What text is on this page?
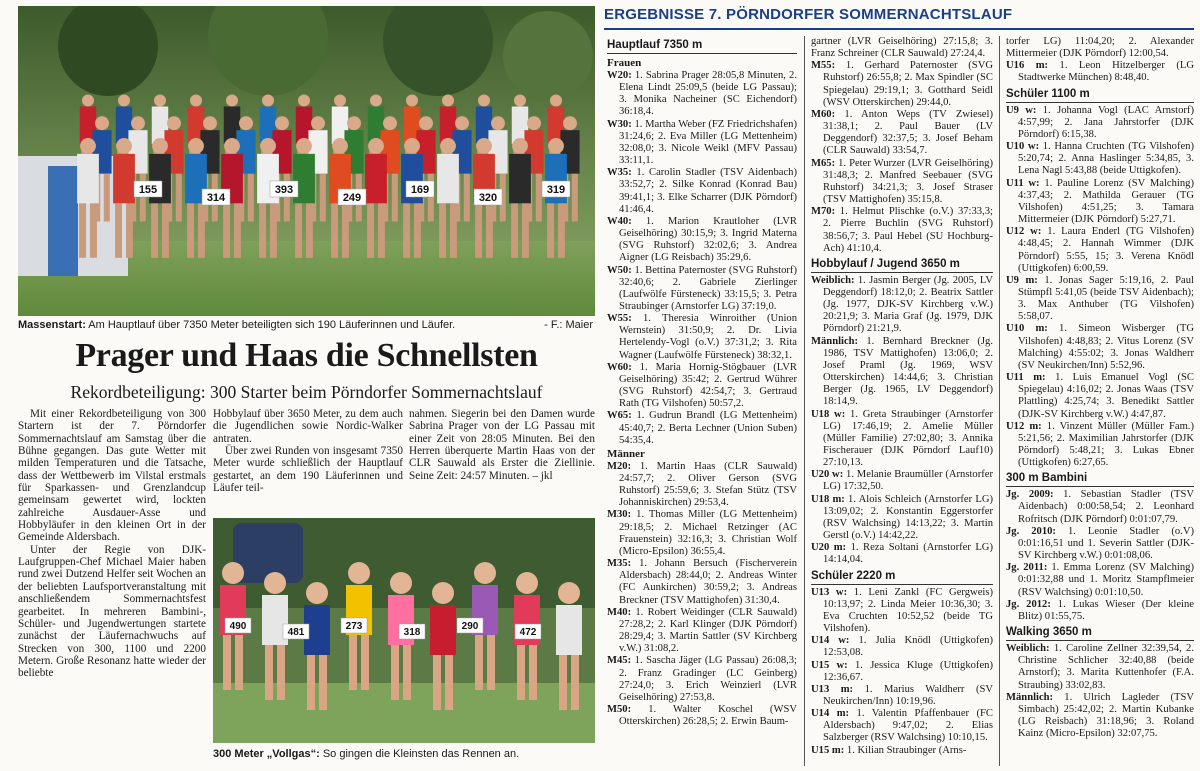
155
314
393
249
169
320
319
Massenstart: Am Hauptlauf über 7350 Meter beteiligten sich 190 Läuferinnen und Läufer.	- F.: Maier
Prager und Haas die Schnellsten
Rekordbeteiligung: 300 Starter beim Pörndorfer Sommernachtslauf

Mit einer Rekordbeteiligung von 300 Startern ist der 7. Pörndorfer Sommernachtslauf am Samstag über die Bühne gegangen. Das gute Wetter mit milden Temperaturen und die Tatsache, dass der Wettbewerb im Vilstal erstmals für Sparkassen- und Grenzlandcup gemeinsam gewertet wird, lockten zahlreiche Ausdauer-Asse und Hobbyläufer in den kleinen Ort in der Gemeinde Aldersbach.

Unter der Regie von DJK-Laufgruppen-Chef Michael Maier haben rund zwei Dutzend Helfer seit Wochen an der beliebten Laufsportveranstaltung mit anschließendem Sommernachtsfest gearbeitet. In mehreren Bambini-, Schüler- und Jugendwertungen startete zunächst der Läufernachwuchs auf Strecken von 300, 1100 und 2200 Metern. Große Resonanz hatte wieder der beliebte

Hobbylauf über 3650 Meter, zu dem auch die Jugendlichen sowie Nordic-Walker antraten.

Über zwei Runden von insgesamt 7350 Meter wurde schließlich der Hauptlauf gestartet, an dem 190 Läuferinnen und Läufer teil-

nahmen. Siegerin bei den Damen wurde Sabrina Prager von der LG Passau mit einer Zeit von 28:05 Minuten. Bei den Herren überquerte Martin Haas von der CLR Sauwald als Erster die Ziellinie. Seine Zeit: 24:57 Minuten. – jkl

490
481
273
318
290
472
300 Meter „Vollgas“: So gingen die Kleinsten das Rennen an.
ERGEBNISSE 7. PÖRNDORFER SOMMERNACHTSLAUF
Hauptlauf 7350 m
Frauen
W20: 1. Sabrina Prager 28:05,8 Minuten, 2. Elena Lindt 25:09,5 (beide LG Passau); 3. Monika Nacheiner (SC Eichendorf) 36:18,4.
W30: 1. Martha Weber (FZ Friedrichshafen) 31:24,6; 2. Eva Miller (LG Mettenheim) 32:08,0; 3. Nicole Weikl (MFV Passau) 33:11,1.
W35: 1. Carolin Stadler (TSV Aidenbach) 33:52,7; 2. Silke Konrad (Konrad Bau) 39:41,1; 3. Elke Scharrer (DJK Pörndorf) 41:46,4.
W40: 1. Marion Krautloher (LVR Geiselhöring) 30:15,9; 3. Ingrid Materna (SVG Ruhstorf) 32:02,6; 3. Andrea Aigner (LG Reisbach) 35:29,6.
W50: 1. Bettina Paternoster (SVG Ruhstorf) 32:40,6; 2. Gabriele Zierlinger (Laufwölfe Fürsteneck) 33:15,5; 3. Petra Straubinger (Arnstorfer LG) 37:19,0.
W55: 1. Theresia Winroither (Union Wernstein) 31:50,9; 2. Dr. Livia Hertelendy-Vogl (o.V.) 37:31,2; 3. Rita Wagner (Laufwölfe Fürsteneck) 38:32,1.
W60: 1. Maria Hornig-Stögbauer (LVR Geiselhöring) 35:42; 2. Gertrud Wührer (SVG Ruhstorf) 42:54,7; 3. Gertraud Rath (TG Vilshofen) 50:57,2.
W65: 1. Gudrun Brandl (LG Mettenheim) 45:40,7; 2. Berta Lechner (Union Suben) 54:35,4.
Männer
M20: 1. Martin Haas (CLR Sauwald) 24:57,7; 2. Oliver Gerson (SVG Ruhstorf) 25:59,6; 3. Stefan Stütz (TSV Johanniskirchen) 29:53,4.
M30: 1. Thomas Miller (LG Mettenheim) 29:18,5; 2. Michael Retzinger (AC Frauenstein) 32:16,3; 3. Christian Wolf (Micro-Epsilon) 36:55,4.
M35: 1. Johann Bersuch (Fischerverein Aldersbach) 28:44,0; 2. Andreas Winter (FC Aunkirchen) 30:59,2; 3. Andreas Breckner (TSV Mattighofen) 31:30,4.
M40: 1. Robert Weidinger (CLR Sauwald) 27:28,2; 2. Karl Klinger (DJK Pörndorf) 28:29,4; 3. Martin Sattler (SV Kirchberg v.W.) 31:08,2.
M45: 1. Sascha Jäger (LG Passau) 26:08,3; 2. Franz Gradinger (LC Geinberg) 27:24,0; 3. Erich Weinzierl (LVR Geiselhöring) 27:53,8.
M50: 1. Walter Koschel (WSV Otterskirchen) 26:28,5; 2. Erwin Baum-
gartner (LVR Geiselhöring) 27:15,8; 3. Franz Schreiner (CLR Sauwald) 27:24,4.
M55: 1. Gerhard Paternoster (SVG Ruhstorf) 26:55,8; 2. Max Spindler (SC Spiegelau) 29:19,1; 3. Gotthard Seidl (WSV Otterskirchen) 29:44,0.
M60: 1. Anton Weps (TV Zwiesel) 31:38,1; 2. Paul Bauer (LV Deggendorf) 32:37,5; 3. Josef Beham (CLR Sauwald) 33:54,7.
M65: 1. Peter Wurzer (LVR Geiselhöring) 31:48,3; 2. Manfred Seebauer (SVG Ruhstorf) 34:21,3; 3. Josef Straser (TSV Mattighofen) 35:15,8.
M70: 1. Helmut Plischke (o.V.) 37:33,3; 2. Pierre Buchlin (SVG Ruhstorf) 38:56,7; 3. Paul Hebel (SU Hochburg-Ach) 41:10,4.
Hobbylauf / Jugend 3650 m
Weiblich: 1. Jasmin Berger (Jg. 2005, LV Deggendorf) 18:12,0; 2. Beatrix Sattler (Jg. 1977, DJK-SV Kirchberg v.W.) 20:21,9; 3. Maria Graf (Jg. 1979, DJK Pörndorf) 21:21,9.
Männlich: 1. Bernhard Breckner (Jg. 1986, TSV Mattighofen) 13:06,0; 2. Josef Praml (Jg. 1969, WSV Otterskirchen) 14:44,6; 3. Christian Berger (Jg. 1965, LV Deggendorf) 18:14,9.
U18 w: 1. Greta Straubinger (Arnstorfer LG) 17:46,19; 2. Amelie Müller (Müller Familie) 27:02,80; 3. Annika Fischerauer (DJK Pörndorf Lauf10) 27:10,13.
U20 w: 1. Melanie Braumüller (Arnstorfer LG) 17:32,50.
U18 m: 1. Alois Schleich (Arnstorfer LG) 13:09,02; 2. Konstantin Eggerstorfer (RSV Walchsing) 14:13,22; 3. Martin Gerstl (o.V.) 14:42,22.
U20 m: 1. Reza Soltani (Arnstorfer LG) 14:14,04.
Schüler 2220 m
U13 w: 1. Leni Zankl (FC Gergweis) 10:13,97; 2. Linda Meier 10:36,30; 3. Eva Cruchten 10:52,52 (beide TG Vilshofen).
U14 w: 1. Julia Knödl (Uttigkofen) 12:53,08.
U15 w: 1. Jessica Kluge (Uttigkofen) 12:36,67.
U13 m: 1. Marius Waldherr (SV Neukirchen/Inn) 10:19,96.
U14 m: 1. Valentin Pfaffenbauer (FC Aldersbach) 9:47,02; 2. Elias Salzberger (RSV Walchsing) 10:10,15.
U15 m: 1. Kilian Straubinger (Arns-
torfer LG) 11:04,20; 2. Alexander Mittermeier (DJK Pörndorf) 12:00,54.
U16 m: 1. Leon Hitzelberger (LG Stadtwerke München) 8:48,40.
Schüler 1100 m
U9 w: 1. Johanna Vogl (LAC Arnstorf) 4:57,99; 2. Jana Jahrstorfer (DJK Pörndorf) 6:15,38.
U10 w: 1. Hanna Cruchten (TG Vilshofen) 5:20,74; 2. Anna Haslinger 5:34,85, 3. Lena Nagl 5:43,88 (beide Uttigkofen).
U11 w: 1. Pauline Lorenz (SV Malching) 4:37,43; 2. Mathilda Gerauer (TG Vilshofen) 4:51,25; 3. Tamara Mittermeier (DJK Pörndorf) 5:27,71.
U12 w: 1. Laura Enderl (TG Vilshofen) 4:48,45; 2. Hannah Wimmer (DJK Pörndorf) 5:55, 15; 3. Verena Knödl (Uttigkofen) 6:00,59.
U9 m: 1. Jonas Sager 5:19,16, 2. Paul Stümpfl 5:41,05 (beide TSV Aidenbach); 3. Max Anthuber (TG Vilshofen) 5:58,07.
U10 m: 1. Simeon Wisberger (TG Vilshofen) 4:48,83; 2. Vitus Lorenz (SV Malching) 4:55:02; 3. Jonas Waldherr (SV Neukirchen/Inn) 5:52,96.
U11 m: 1. Luis Emanuel Vogl (SC Spiegelau) 4:16,02; 2. Jonas Waas (TSV Plattling) 4:25,74; 3. Benedikt Sattler (DJK-SV Kirchberg v.W.) 4:47,87.
U12 m: 1. Vinzent Müller (Müller Fam.) 5:21,56; 2. Maximilian Jahrstorfer (DJK Pörndorf) 5:48,21; 3. Lukas Ebner (Uttigkofen) 6:27,65.
300 m Bambini
Jg. 2009: 1. Sebastian Stadler (TSV Aidenbach) 0:00:58,54; 2. Leonhard Rofritsch (DJK Pörndorf) 0:01:07,79.
Jg. 2010: 1. Leonie Stadler (o.V) 0:01:16,51 und 1. Severin Sattler (DJK-SV Kirchberg v.W.) 0:01:08,06.
Jg. 2011: 1. Emma Lorenz (SV Malching) 0:01:32,88 und 1. Moritz Stampflmeier (RSV Walchsing) 0:01:10,50.
Jg. 2012: 1. Lukas Wieser (Der kleine Blitz) 01:55,75.
Walking 3650 m
Weiblich: 1. Caroline Zellner 32:39,54, 2. Christine Schlicher 32:40,88 (beide Arnstorf); 3. Marita Kuttenhofer (F.A. Straubing) 33:02,83.
Männlich: 1. Ulrich Lagleder (TSV Simbach) 25:42,02; 2. Martin Kubanke (LG Reisbach) 31:18,96; 3. Roland Kainz (Micro-Epsilon) 32:07,75.
